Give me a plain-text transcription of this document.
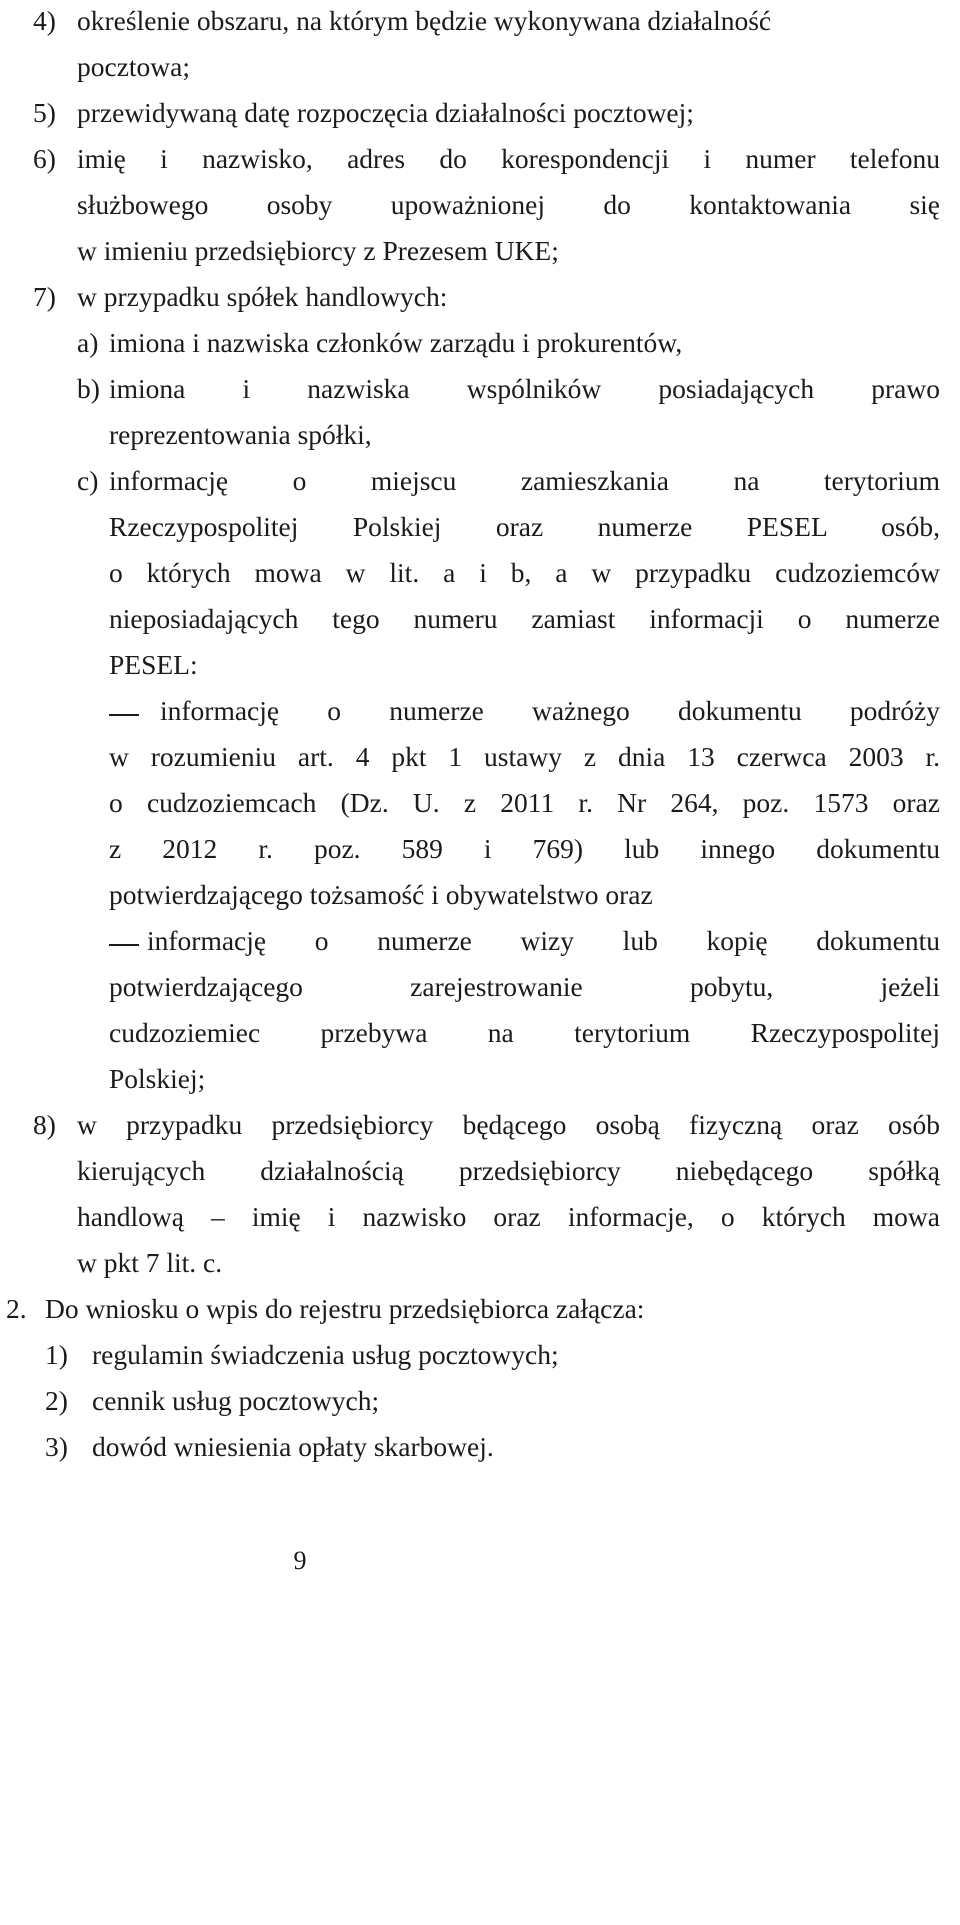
4) określenie obszaru, na którym będzie wykonywana działalność
pocztowa;
5) przewidywaną datę rozpoczęcia działalności pocztowej;
6) imię i nazwisko, adres do korespondencji i numer telefonu
służbowego osoby upoważnionej do kontaktowania się
w imieniu przedsiębiorcy z Prezesem UKE;
7) w przypadku spółek handlowych:
a) imiona i nazwiska członków zarządu i prokurentów,
b) imiona i nazwiska wspólników posiadających prawo
reprezentowania spółki,
c) informację o miejscu zamieszkania na terytorium
Rzeczypospolitej Polskiej oraz numerze PESEL osób,
o których mowa w lit. a i b, a w przypadku cudzoziemców
nieposiadających tego numeru zamiast informacji o numerze
PESEL:
informację o numerze ważnego dokumentu podróży
w rozumieniu art. 4 pkt 1 ustawy z dnia 13 czerwca 2003 r.
o cudzoziemcach (Dz. U. z 2011 r. Nr 264, poz. 1573 oraz
z 2012 r. poz. 589 i 769) lub innego dokumentu
potwierdzającego tożsamość i obywatelstwo oraz
informację o numerze wizy lub kopię dokumentu
potwierdzającego zarejestrowanie pobytu, jeżeli
cudzoziemiec przebywa na terytorium Rzeczypospolitej
Polskiej;
8) w przypadku przedsiębiorcy będącego osobą fizyczną oraz osób
kierujących działalnością przedsiębiorcy niebędącego spółką
handlową – imię i nazwisko oraz informacje, o których mowa
w pkt 7 lit. c.
2. Do wniosku o wpis do rejestru przedsiębiorca załącza:
1) regulamin świadczenia usług pocztowych;
2) cennik usług pocztowych;
3) dowód wniesienia opłaty skarbowej.
9
